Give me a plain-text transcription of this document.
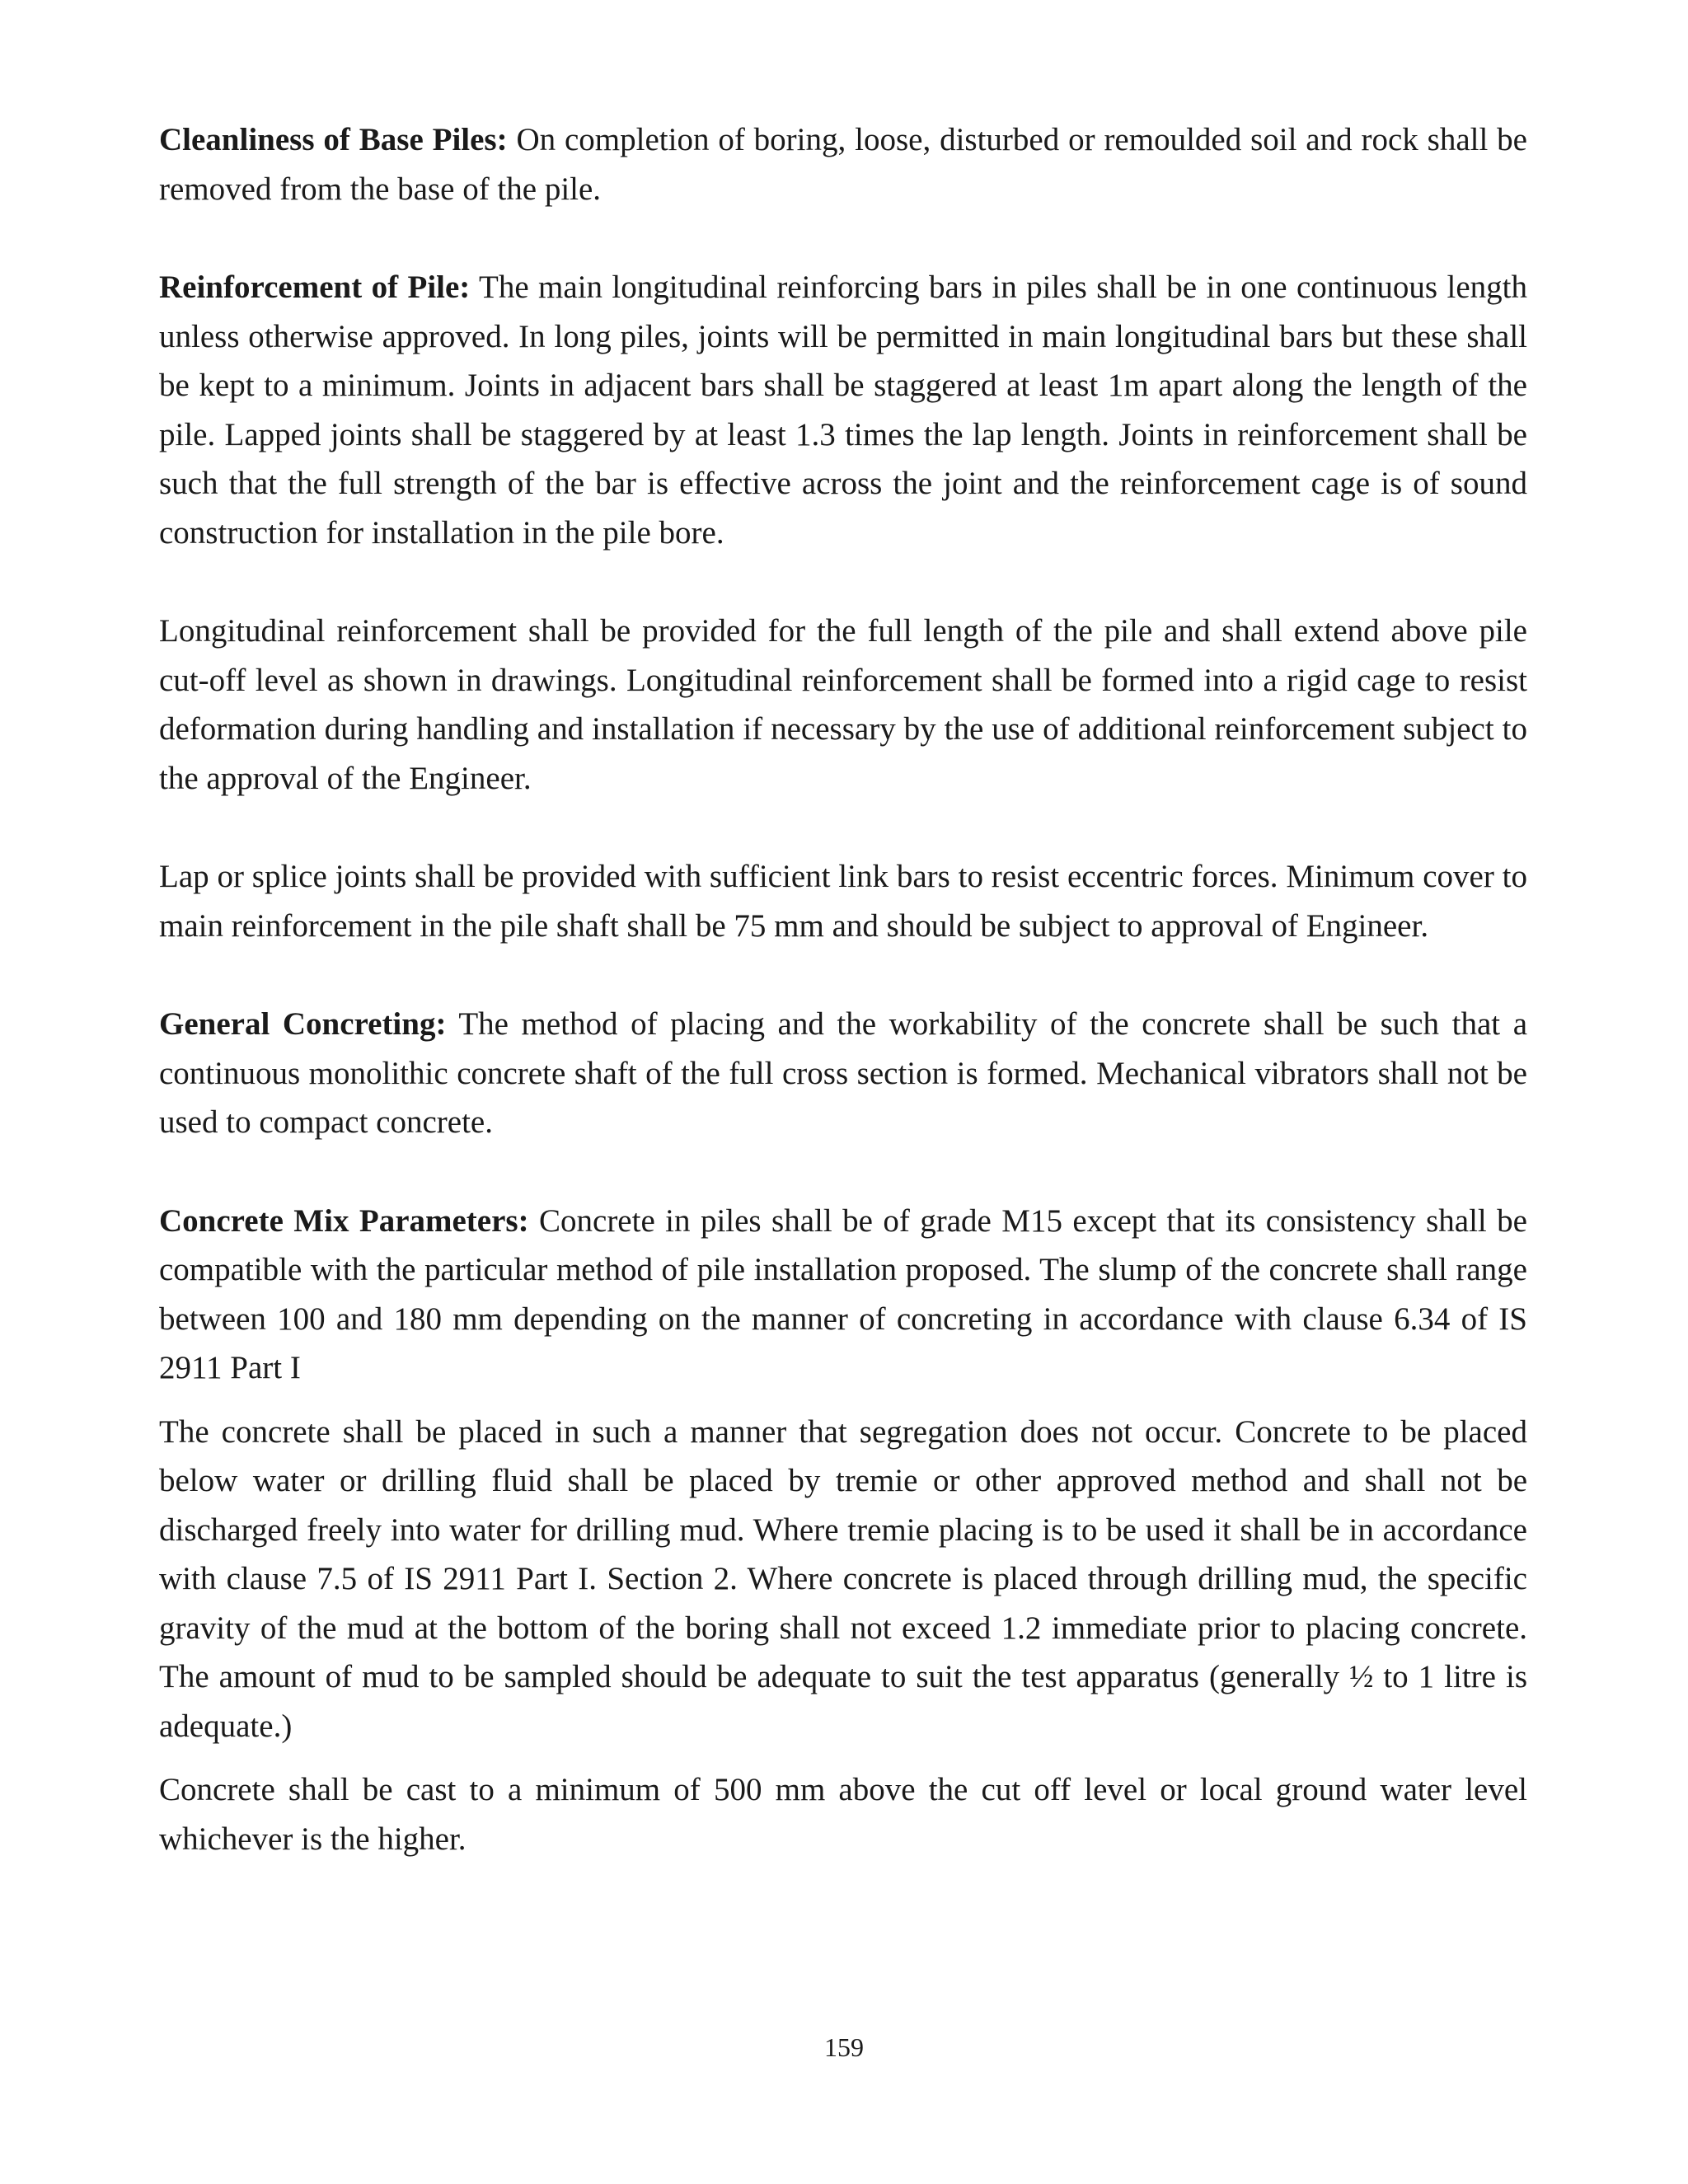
Cleanliness of Base Piles: On completion of boring, loose, disturbed or remoulded soil and rock shall be removed from the base of the pile.

Reinforcement of Pile: The main longitudinal reinforcing bars in piles shall be in one continuous length unless otherwise approved. In long piles, joints will be permitted in main longitudinal bars but these shall be kept to a minimum. Joints in adjacent bars shall be staggered at least 1m apart along the length of the pile. Lapped joints shall be staggered by at least 1.3 times the lap length. Joints in reinforcement shall be such that the full strength of the bar is effective across the joint and the reinforcement cage is of sound construction for installation in the pile bore.

Longitudinal reinforcement shall be provided for the full length of the pile and shall extend above pile cut-off level as shown in drawings. Longitudinal reinforcement shall be formed into a rigid cage to resist deformation during handling and installation if necessary by the use of additional reinforcement subject to the approval of the Engineer.

Lap or splice joints shall be provided with sufficient link bars to resist eccentric forces. Minimum cover to main reinforcement in the pile shaft shall be 75 mm and should be subject to approval of Engineer.

General Concreting: The method of placing and the workability of the concrete shall be such that a continuous monolithic concrete shaft of the full cross section is formed. Mechanical vibrators shall not be used to compact concrete.

Concrete Mix Parameters: Concrete in piles shall be of grade M15 except that its consistency shall be compatible with the particular method of pile installation proposed. The slump of the concrete shall range between 100 and 180 mm depending on the manner of concreting in accordance with clause 6.34 of IS 2911 Part I

The concrete shall be placed in such a manner that segregation does not occur. Concrete to be placed below water or drilling fluid shall be placed by tremie or other approved method and shall not be discharged freely into water for drilling mud. Where tremie placing is to be used it shall be in accordance with clause 7.5 of IS 2911 Part I. Section 2. Where concrete is placed through drilling mud, the specific gravity of the mud at the bottom of the boring shall not exceed 1.2 immediate prior to placing concrete. The amount of mud to be sampled should be adequate to suit the test apparatus (generally ½ to 1 litre is adequate.)

Concrete shall be cast to a minimum of 500 mm above the cut off level or local ground water level whichever is the higher.

159
